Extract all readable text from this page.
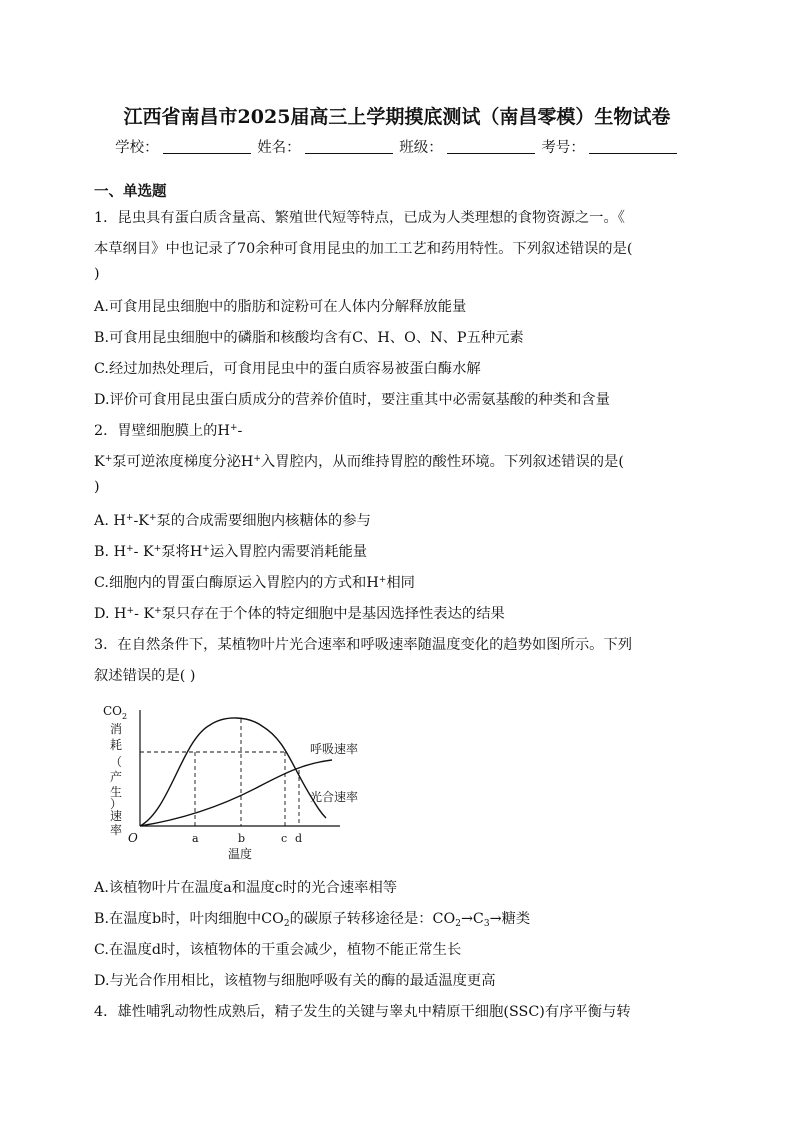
江西省南昌市2025届高三上学期摸底测试（南昌零模）生物试卷
学校：	姓名：	班级：	考号：
一、单选题
1．昆虫具有蛋白质含量高、繁殖世代短等特点，已成为人类理想的食物资源之一。《
本草纲目》中也记录了70余种可食用昆虫的加工工艺和药用特性。下列叙述错误的是(
)
A.可食用昆虫细胞中的脂肪和淀粉可在人体内分解释放能量
B.可食用昆虫细胞中的磷脂和核酸均含有C、H、O、N、P五种元素
C.经过加热处理后，可食用昆虫中的蛋白质容易被蛋白酶水解
D.评价可食用昆虫蛋白质成分的营养价值时，要注重其中必需氨基酸的种类和含量
2．胃壁细胞膜上的H+-
K+泵可逆浓度梯度分泌H+入胃腔内，从而维持胃腔的酸性环境。下列叙述错误的是(
)
A. H+-K+泵的合成需要细胞内核糖体的参与
B. H+- K+泵将H+运入胃腔内需要消耗能量
C.细胞内的胃蛋白酶原运入胃腔内的方式和H+相同
D. H+- K+泵只存在于个体的特定细胞中是基因选择性表达的结果
3．在自然条件下，某植物叶片光合速率和呼吸速率随温度变化的趋势如图所示。下列
叙述错误的是( )
$CO_2$
消
耗
（
产
生
）
速
率
O	a	b	c d
温度
呼吸速率
光合速率
A.该植物叶片在温度a和温度c时的光合速率相等
B.在温度b时，叶肉细胞中$CO_2$的碳原子转移途径是：$CO_2\to C_3\to$糖类
C.在温度d时，该植物体的干重会减少，植物不能正常生长
D.与光合作用相比，该植物与细胞呼吸有关的酶的最适温度更高
4．雄性哺乳动物性成熟后，精子发生的关键与睾丸中精原干细胞(SSC)有序平衡与转
